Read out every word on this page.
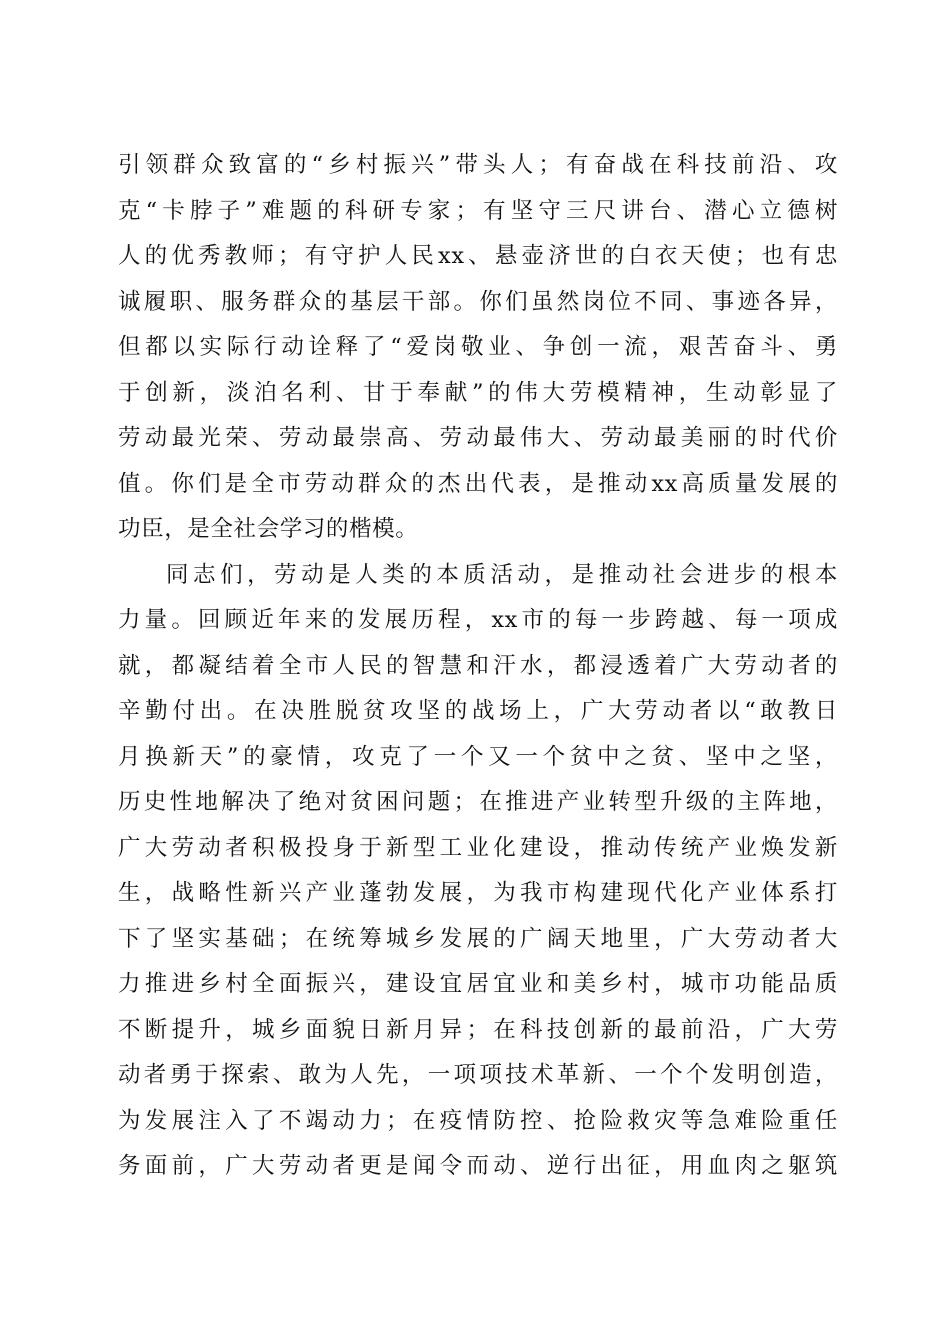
引领群众致富的“乡村振兴”带头人；有奋战在科技前沿、攻
克“卡脖子”难题的科研专家；有坚守三尺讲台、潜心立德树
人的优秀教师；有守护人民xx、悬壶济世的白衣天使；也有忠
诚履职、服务群众的基层干部。你们虽然岗位不同、事迹各异，
但都以实际行动诠释了“爱岗敬业、争创一流，艰苦奋斗、勇
于创新，淡泊名利、甘于奉献”的伟大劳模精神，生动彰显了
劳动最光荣、劳动最崇高、劳动最伟大、劳动最美丽的时代价
值。你们是全市劳动群众的杰出代表，是推动xx高质量发展的
功臣，是全社会学习的楷模。
同志们，劳动是人类的本质活动，是推动社会进步的根本
力量。回顾近年来的发展历程，xx市的每一步跨越、每一项成
就，都凝结着全市人民的智慧和汗水，都浸透着广大劳动者的
辛勤付出。在决胜脱贫攻坚的战场上，广大劳动者以“敢教日
月换新天”的豪情，攻克了一个又一个贫中之贫、坚中之坚，
历史性地解决了绝对贫困问题；在推进产业转型升级的主阵地，
广大劳动者积极投身于新型工业化建设，推动传统产业焕发新
生，战略性新兴产业蓬勃发展，为我市构建现代化产业体系打
下了坚实基础；在统筹城乡发展的广阔天地里，广大劳动者大
力推进乡村全面振兴，建设宜居宜业和美乡村，城市功能品质
不断提升，城乡面貌日新月异；在科技创新的最前沿，广大劳
动者勇于探索、敢为人先，一项项技术革新、一个个发明创造，
为发展注入了不竭动力；在疫情防控、抢险救灾等急难险重任
务面前，广大劳动者更是闻令而动、逆行出征，用血肉之躯筑
